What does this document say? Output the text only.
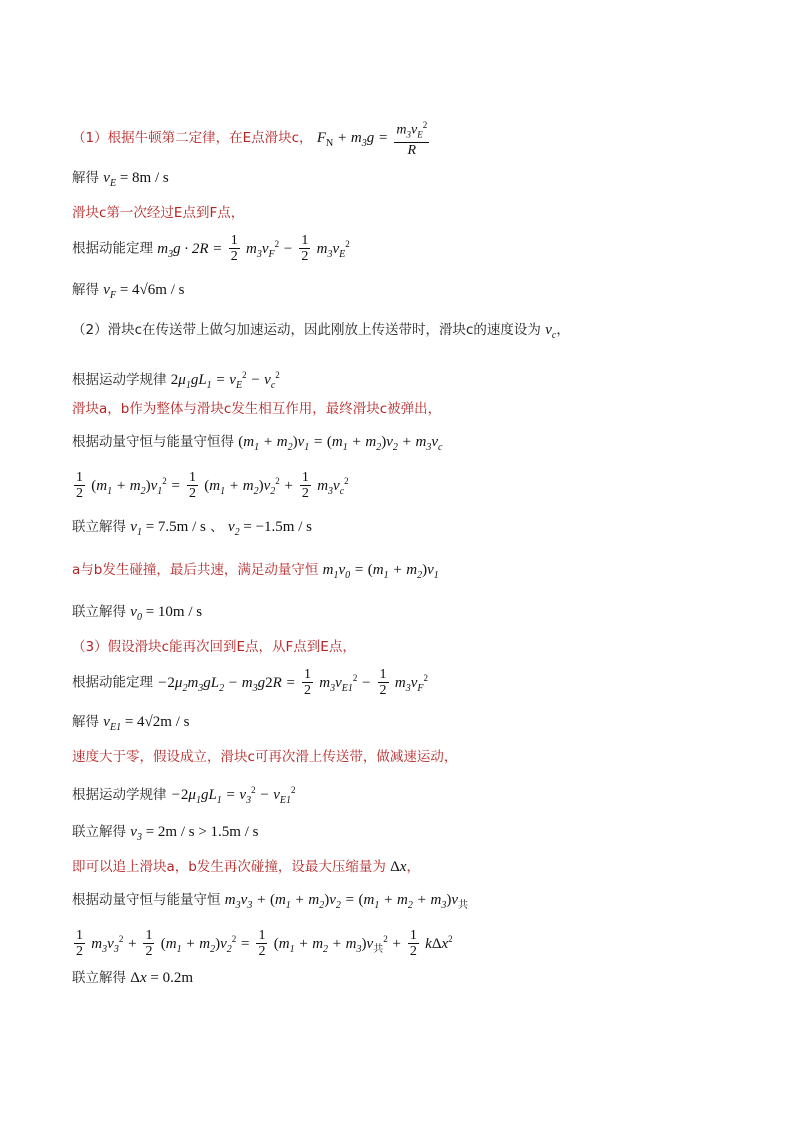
（1）根据牛顿第二定律，在E点滑块c， $F_N + m_3g = \frac{m_3v_E^2}{R}$
解得 $v_E = 8m / s$
滑块c第一次经过E点到F点，
根据动能定理 $m_3g \cdot 2R = \frac{1}{2} m_3v_F^2 - \frac{1}{2} m_3v_E^2$
解得 $v_F = 4√6m / s$
（2）滑块c在传送带上做匀加速运动，因此刚放上传送带时，滑块c的速度设为 $v_c$，
根据运动学规律 $2\mu_1gL_1 = v_E^2 - v_c^2$
滑块a，b作为整体与滑块c发生相互作用，最终滑块c被弹出，
根据动量守恒与能量守恒得 $(m_1 + m_2)v_1 = (m_1 + m_2)v_2 + m_3v_c$
$\frac{1}{2} (m_1 + m_2)v_1^2 = \frac{1}{2} (m_1 + m_2)v_2^2 + \frac{1}{2} m_3v_c^2$
联立解得 $v_1 = 7.5m / s$ 、 $v_2 = -1.5m / s$
a与b发生碰撞，最后共速，满足动量守恒 $m_1v_0 = (m_1 + m_2)v_1$
联立解得 $v_0 = 10m / s$
（3）假设滑块c能再次回到E点，从F点到E点，
根据动能定理 $-2\mu_2m_3gL_2 - m_3g2R = \frac{1}{2} m_3v_{E1}^2 - \frac{1}{2} m_3v_F^2$
解得 $v_{E1} = 4√2m / s$
速度大于零，假设成立，滑块c可再次滑上传送带，做减速运动，
根据运动学规律 $-2\mu_1gL_1 = v_3^2 - v_{E1}^2$
联立解得 $v_3 = 2m / s > 1.5m / s$
即可以追上滑块a，b发生再次碰撞，设最大压缩量为 Δx，
根据动量守恒与能量守恒 $m_3v_3 + (m_1 + m_2)v_2 = (m_1 + m_2 + m_3)v_共$
$\frac{1}{2} m_3v_3^2 + \frac{1}{2} (m_1 + m_2)v_2^2 = \frac{1}{2} (m_1 + m_2 + m_3)v_共^2 + \frac{1}{2} k\Delta x^2$
联立解得 Δx = 0.2m
